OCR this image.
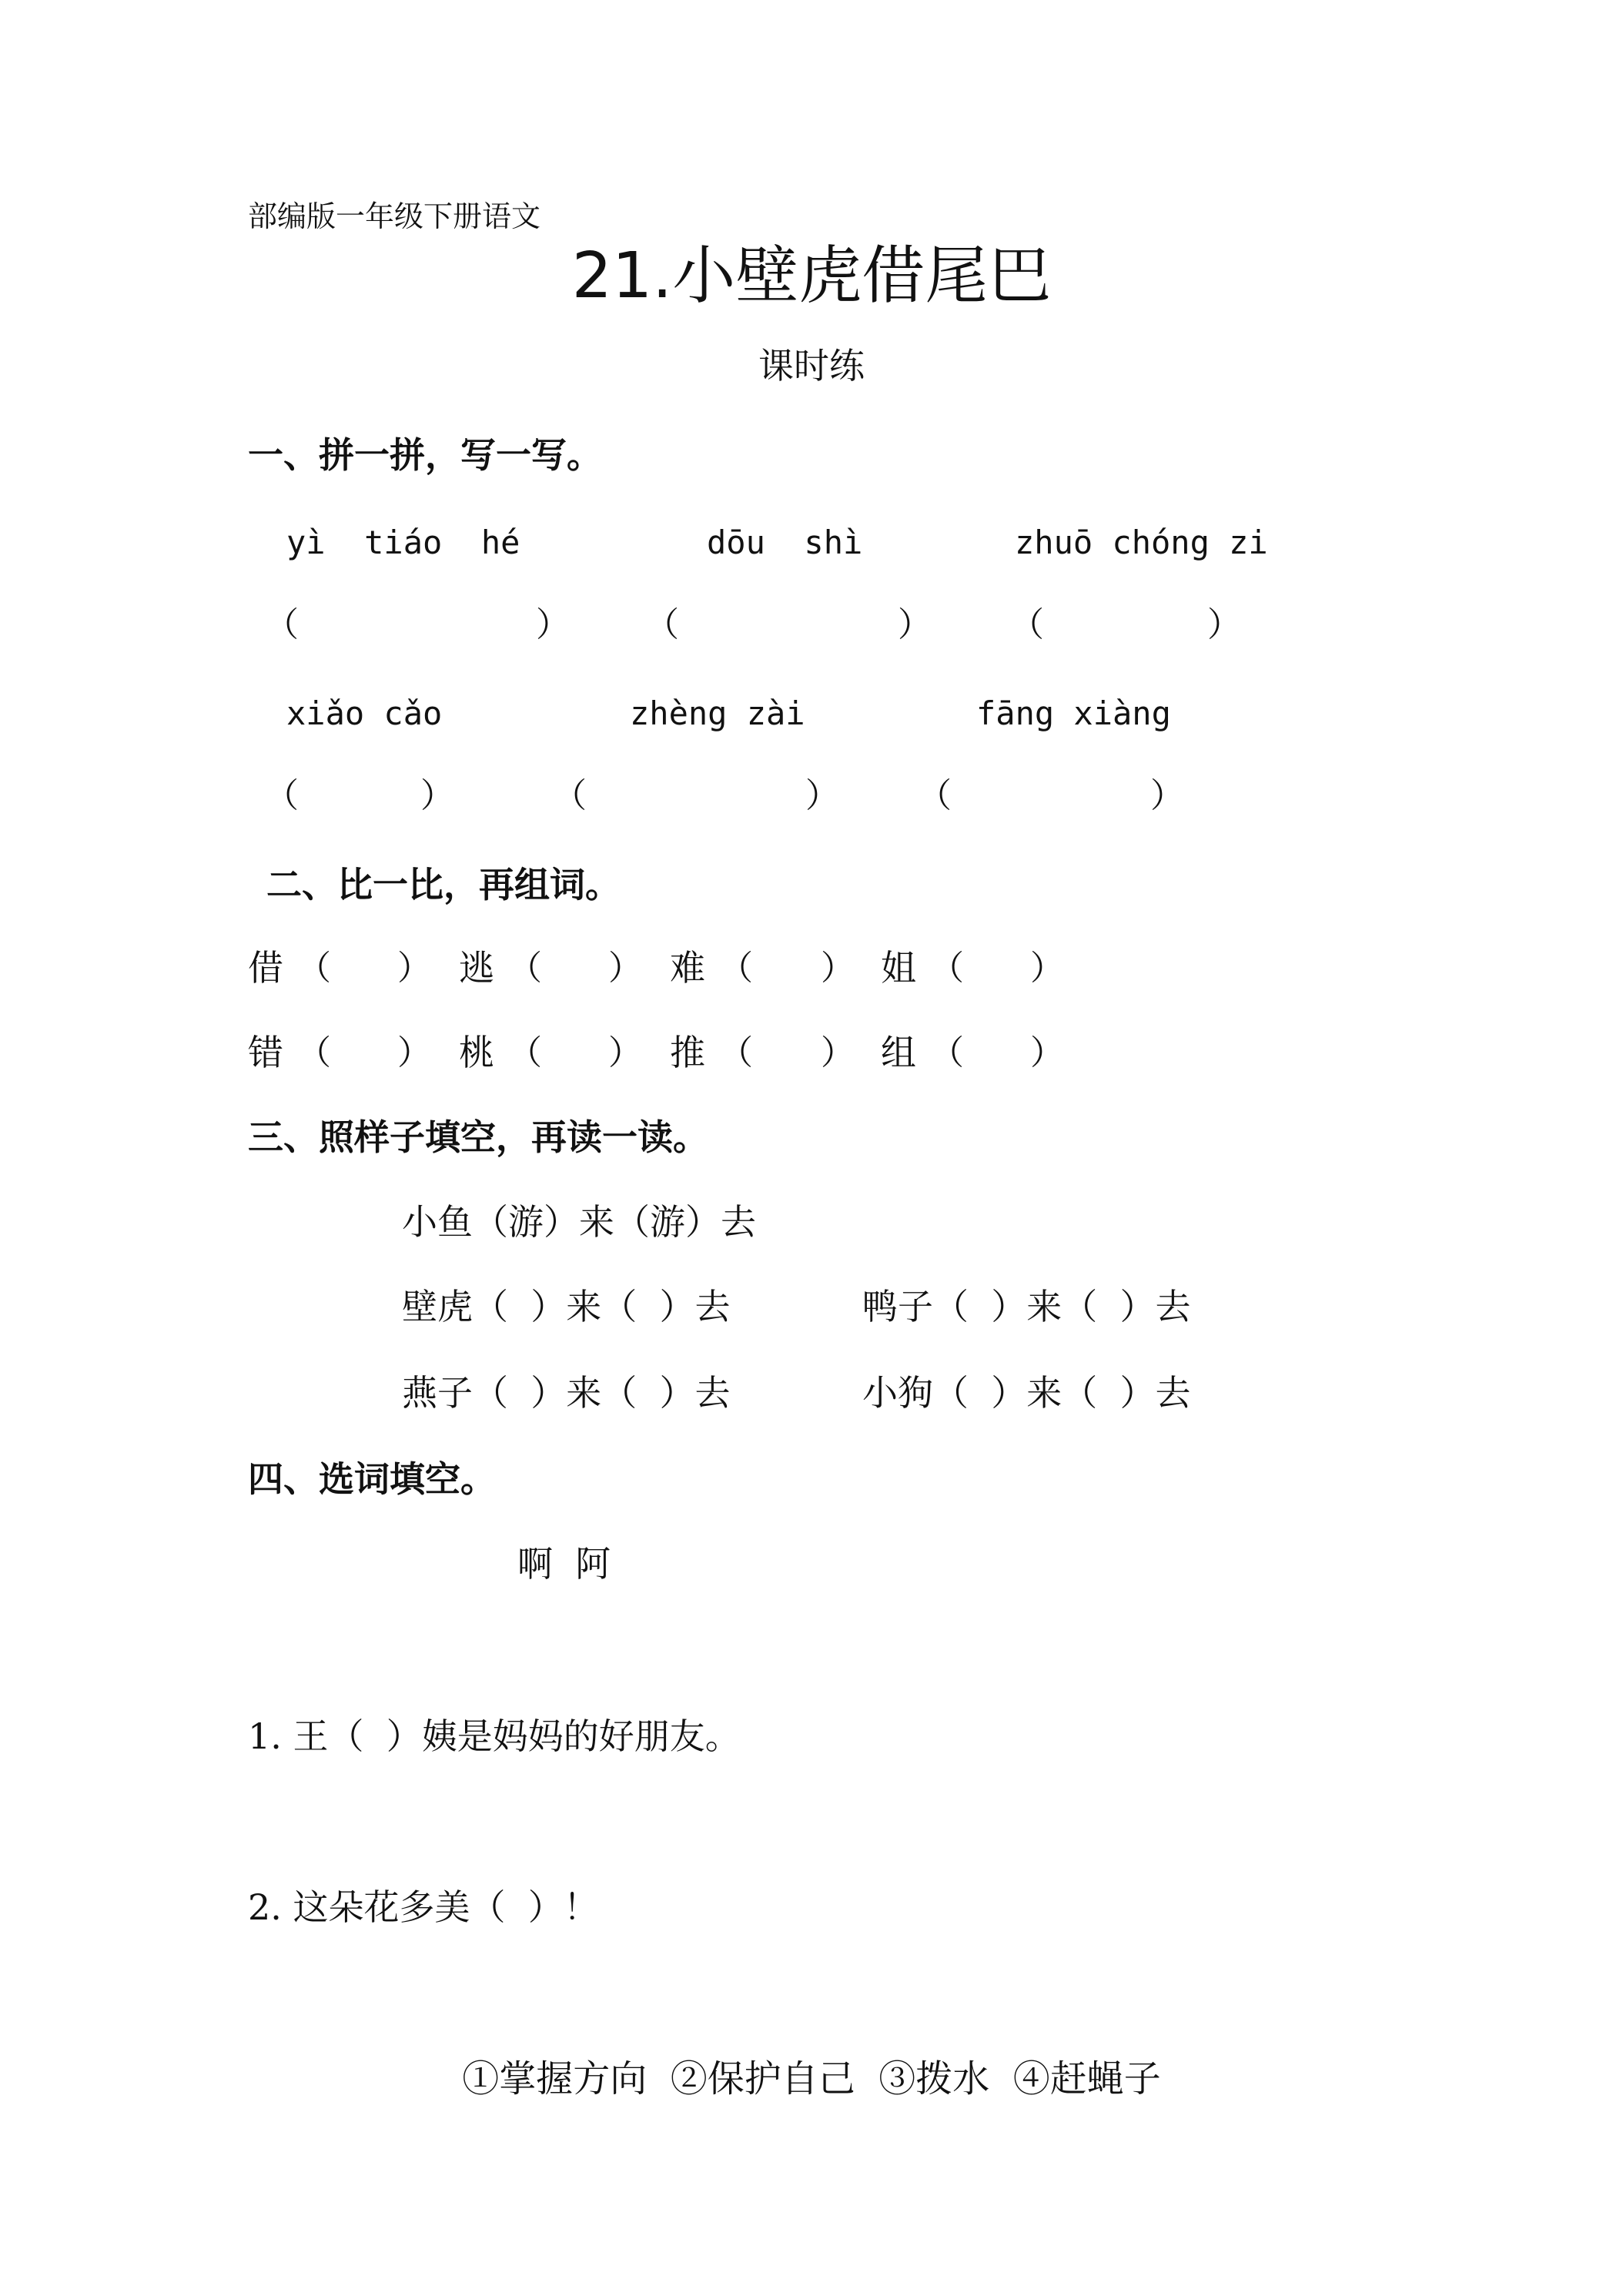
部编版一年级下册语文
21.小壁虎借尾巴
课时练
一、拼一拼，写一写。
yì  tiáo  hé	dōu  shì	zhuō chóng zi
（	） （	） （	）
xiǎo cǎo	zhèng zài	fāng xiàng
（	）	（	） （	）
二、比一比，再组词。
借 （ ） 逃 （ ） 难 （ ） 姐 （ ）
错 （ ） 桃 （ ） 推 （ ） 组 （ ）
三、照样子填空，再读一读。
小鱼（游）来（游）去
壁虎（ ）来（ ）去	鸭子（ ）来（ ）去
燕子（ ）来（ ）去	小狗（ ）来（ ）去
四、选词填空。
啊  阿
1. 王（  ）姨是妈妈的好朋友。
2. 这朵花多美（  ）！
①掌握方向  ②保护自己  ③拨水  ④赶蝇子
